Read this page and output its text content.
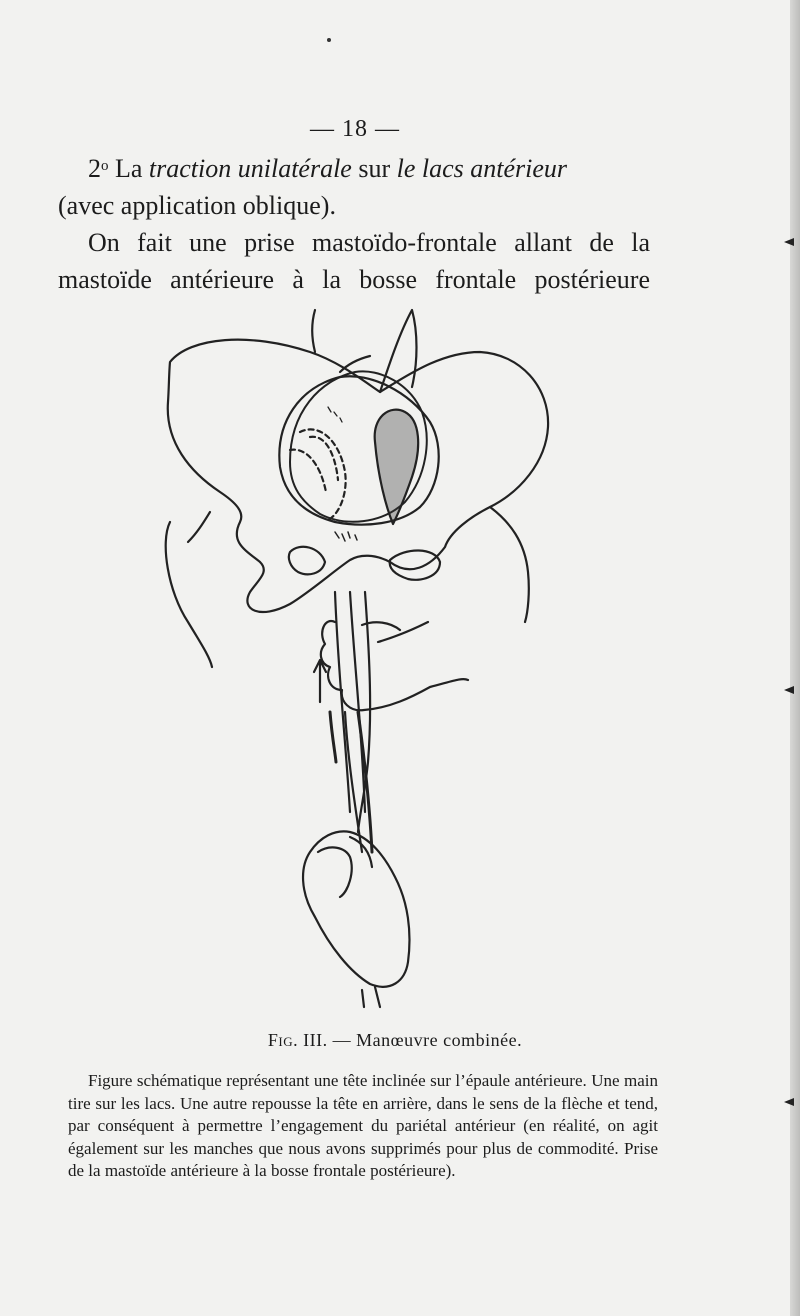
— 18 —

2$^o$ La traction unilatérale sur le lacs antérieur
(avec application oblique).

On fait une prise mastoïdo-frontale allant de la mastoïde antérieure à la bosse frontale postérieure

Fig. III. — Manœuvre combinée.
Figure schématique représentant une tête inclinée sur l’épaule antérieure. Une main tire sur les lacs. Une autre repousse la tête en arrière, dans le sens de la flèche et tend, par conséquent à permettre l’engagement du pariétal antérieur (en réalité, on agit également sur les manches que nous avons supprimés pour plus de commodité. Prise de la mastoïde antérieure à la bosse frontale postérieure).
